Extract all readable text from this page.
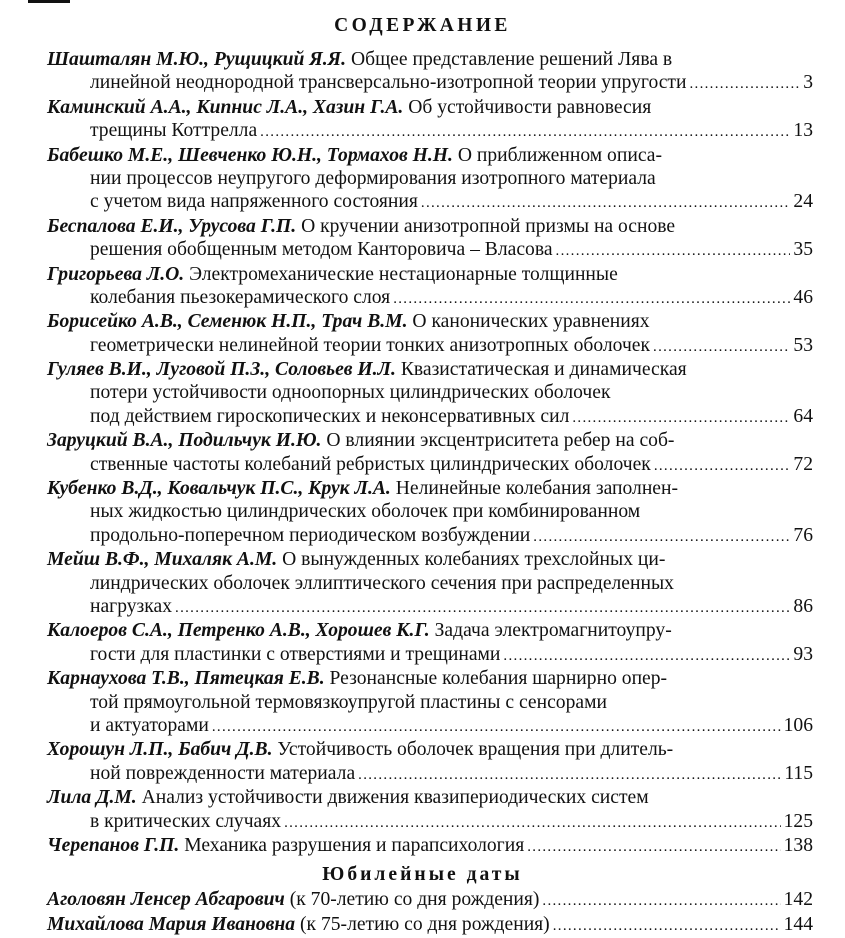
СОДЕРЖАНИЕ
Шашталян М.Ю., Рущицкий Я.Я. Общее представление решений Лява в
линейной неоднородной трансверсально-изотропной теории упругости .....	3
Каминский А.А., Кипнис Л.А., Хазин Г.А. Об устойчивости равновесия
трещины Коттрелла .....	13
Бабешко М.Е., Шевченко Ю.Н., Тормахов Н.Н. О приближенном описа-
нии процессов неупругого деформирования изотропного материала
с учетом вида напряженного состояния .....	24
Беспалова Е.И., Урусова Г.П. О кручении анизотропной призмы на основе
решения обобщенным методом Канторовича – Власова .....	35
Григорьева Л.О. Электромеханические нестационарные толщинные
колебания пьезокерамического слоя .....	46
Борисейко А.В., Семенюк Н.П., Трач В.М. О канонических уравнениях
геометрически нелинейной теории тонких анизотропных оболочек .....	53
Гуляев В.И., Луговой П.З., Соловьев И.Л. Квазистатическая и динамическая
потери устойчивости одноопорных цилиндрических оболочек
под действием гироскопических и неконсервативных сил .....	64
Заруцкий В.А., Подильчук И.Ю. О влиянии эксцентриситета ребер на соб-
ственные частоты колебаний ребристых цилиндрических оболочек .....	72
Кубенко В.Д., Ковальчук П.С., Крук Л.А. Нелинейные колебания заполнен-
ных жидкостью цилиндрических оболочек при комбинированном
продольно-поперечном периодическом возбуждении .....	76
Мейш В.Ф., Михаляк А.М. О вынужденных колебаниях трехслойных ци-
линдрических оболочек эллиптического сечения при распределенных
нагрузках .....	86
Калоеров С.А., Петренко А.В., Хорошев К.Г. Задача электромагнитоупру-
гости для пластинки с отверстиями и трещинами .....	93
Карнаухова Т.В., Пятецкая Е.В. Резонансные колебания шарнирно опер-
той прямоугольной термовязкоупругой пластины с сенсорами
и актуаторами .....	106
Хорошун Л.П., Бабич Д.В. Устойчивость оболочек вращения при длитель-
ной поврежденности материала .....	115
Лила Д.М. Анализ устойчивости движения квазипериодических систем
в критических случаях .....	125
Черепанов Г.П. Механика разрушения и парапсихология .....	138
Юбилейные даты
Аголовян Ленсер Абгарович (к 70-летию со дня рождения) .....	142
Михайлова Мария Ивановна (к 75-летию со дня рождения) .....	144
